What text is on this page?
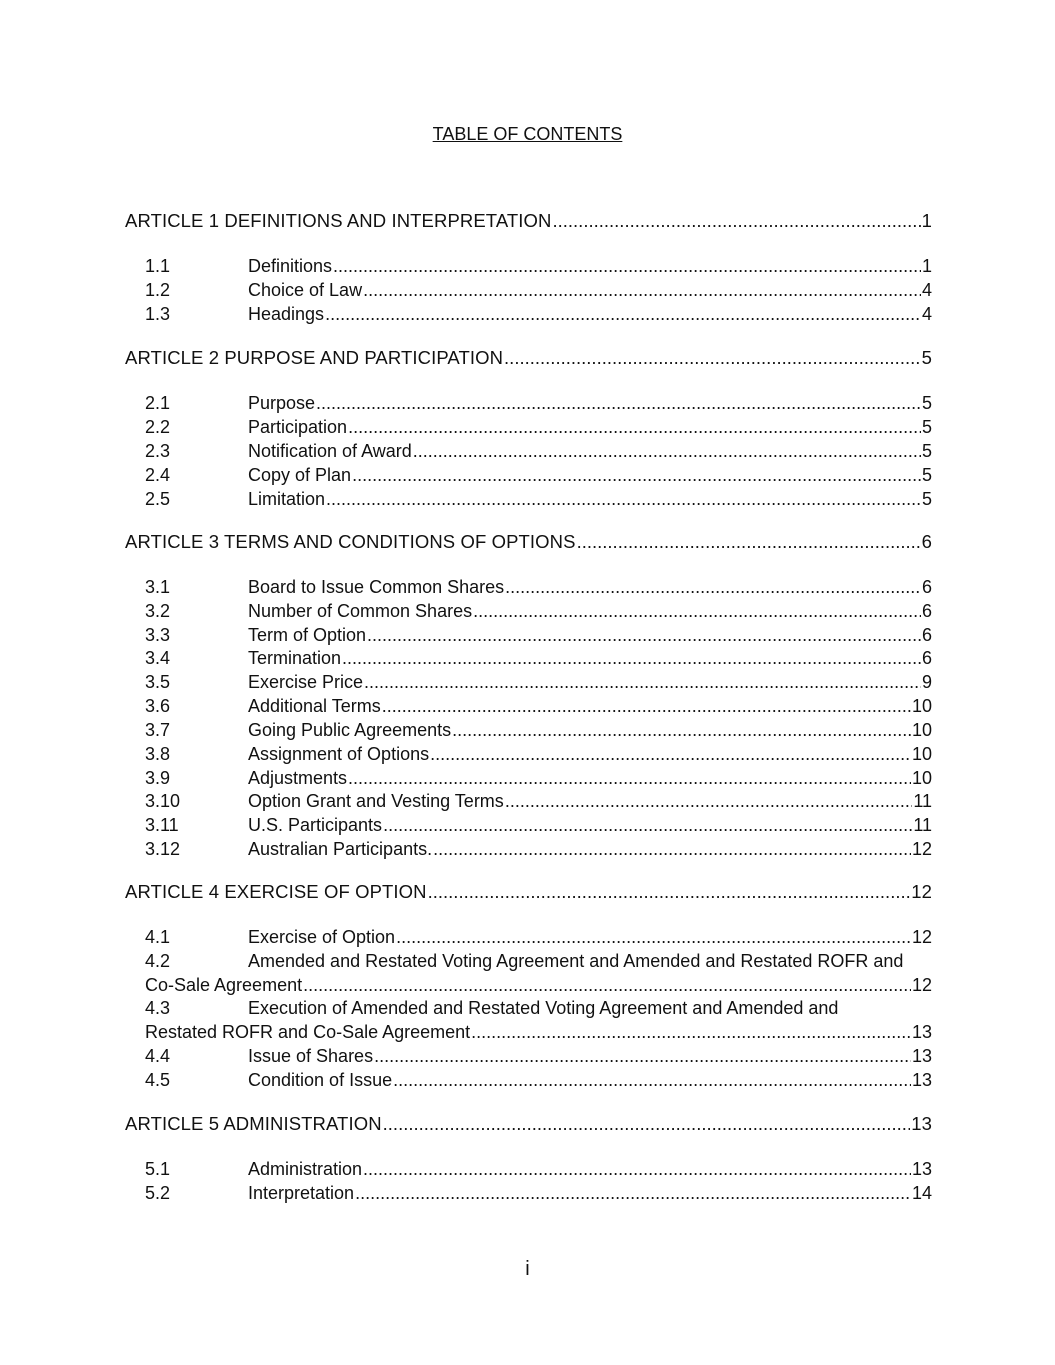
TABLE OF CONTENTS
ARTICLE 1 DEFINITIONS AND INTERPRETATION .....	1
1.1	Definitions .....	1
1.2	Choice of Law .....	4
1.3	Headings .....	4
ARTICLE 2 PURPOSE AND PARTICIPATION .....	5
2.1	Purpose .....	5
2.2	Participation .....	5
2.3	Notification of Award .....	5
2.4	Copy of Plan .....	5
2.5	Limitation .....	5
ARTICLE 3 TERMS AND CONDITIONS OF OPTIONS .....	6
3.1	Board to Issue Common Shares .....	6
3.2	Number of Common Shares .....	6
3.3	Term of Option .....	6
3.4	Termination .....	6
3.5	Exercise Price .....	9
3.6	Additional Terms .....	10
3.7	Going Public Agreements .....	10
3.8	Assignment of Options .....	10
3.9	Adjustments .....	10
3.10	Option Grant and Vesting Terms .....	11
3.11	U.S. Participants .....	11
3.12	Australian Participants. .....	12
ARTICLE 4 EXERCISE OF OPTION .....	12
4.1	Exercise of Option .....	12
4.2	Amended and Restated Voting Agreement and Amended and Restated ROFR and
Co-Sale Agreement .....	12
4.3	Execution of Amended and Restated Voting Agreement and Amended and
Restated ROFR and Co-Sale Agreement .....	13
4.4	Issue of Shares .....	13
4.5	Condition of Issue .....	13
ARTICLE 5 ADMINISTRATION .....	13
5.1	Administration .....	13
5.2	Interpretation .....	14
i
